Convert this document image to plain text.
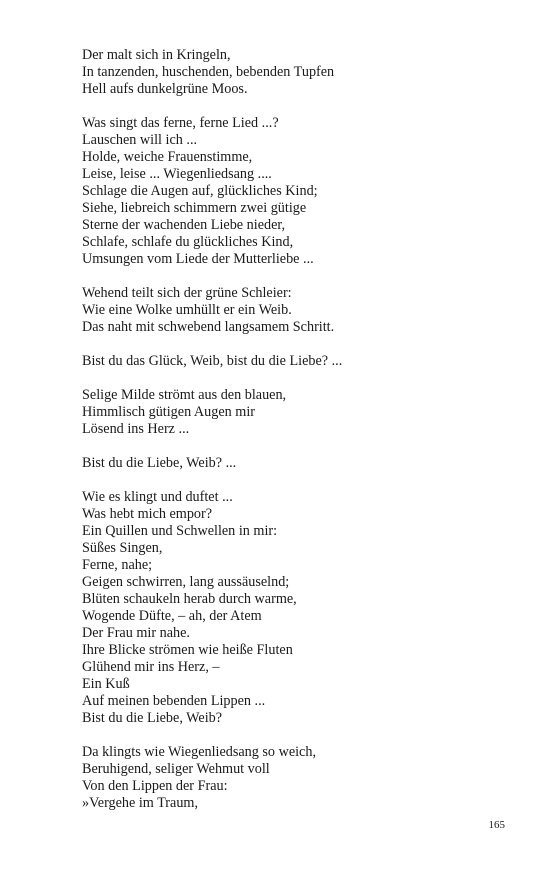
Der malt sich in Kringeln,
In tanzenden, huschenden, bebenden Tupfen
Hell aufs dunkelgrüne Moos.
Was singt das ferne, ferne Lied ...?
Lauschen will ich ...
Holde, weiche Frauenstimme,
Leise, leise ... Wiegenliedsang ....
Schlage die Augen auf, glückliches Kind;
Siehe, liebreich schimmern zwei gütige
Sterne der wachenden Liebe nieder,
Schlafe, schlafe du glückliches Kind,
Umsungen vom Liede der Mutterliebe ...
Wehend teilt sich der grüne Schleier:
Wie eine Wolke umhüllt er ein Weib.
Das naht mit schwebend langsamem Schritt.
Bist du das Glück, Weib, bist du die Liebe? ...
Selige Milde strömt aus den blauen,
Himmlisch gütigen Augen mir
Lösend ins Herz ...
Bist du die Liebe, Weib? ...
Wie es klingt und duftet ...
Was hebt mich empor?
Ein Quillen und Schwellen in mir:
Süßes Singen,
Ferne, nahe;
Geigen schwirren, lang aussäuselnd;
Blüten schaukeln herab durch warme,
Wogende Düfte, – ah, der Atem
Der Frau mir nahe.
Ihre Blicke strömen wie heiße Fluten
Glühend mir ins Herz, –
Ein Kuß
Auf meinen bebenden Lippen ...
Bist du die Liebe, Weib?
Da klingts wie Wiegenliedsang so weich,
Beruhigend, seliger Wehmut voll
Von den Lippen der Frau:
»Vergehe im Traum,
165
